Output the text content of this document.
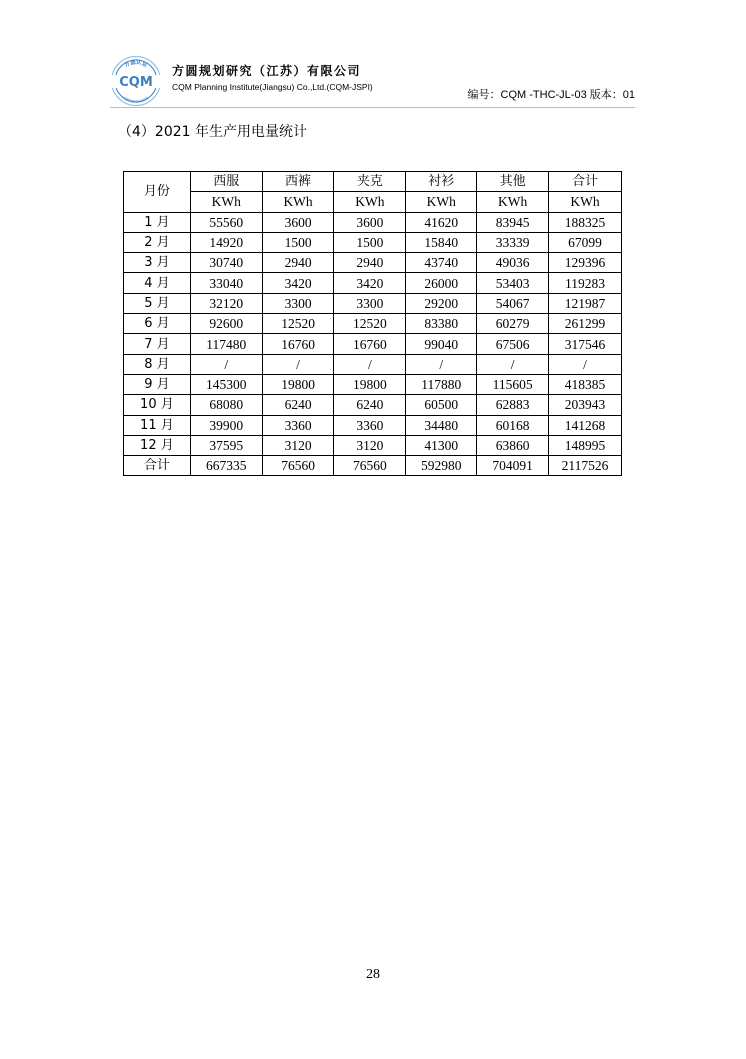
方圆认证
CQM
CERTIFICATION
方圆规划研究（江苏）有限公司
CQM Planning Institute(Jiangsu) Co.,Ltd.(CQM-JSPI)
编号：CQM -THC-JL-03 版本：01
（4）2021 年生产用电量统计
月份	西服	西裤	夹克	衬衫	其他	合计
	KWh	KWh	KWh	KWh	KWh	KWh
1 月	55560	3600	3600	41620	83945	188325
2 月	14920	1500	1500	15840	33339	67099
3 月	30740	2940	2940	43740	49036	129396
4 月	33040	3420	3420	26000	53403	119283
5 月	32120	3300	3300	29200	54067	121987
6 月	92600	12520	12520	83380	60279	261299
7 月	117480	16760	16760	99040	67506	317546
8 月	/	/	/	/	/	/
9 月	145300	19800	19800	117880	115605	418385
10 月	68080	6240	6240	60500	62883	203943
11 月	39900	3360	3360	34480	60168	141268
12 月	37595	3120	3120	41300	63860	148995
合计	667335	76560	76560	592980	704091	2117526
28
